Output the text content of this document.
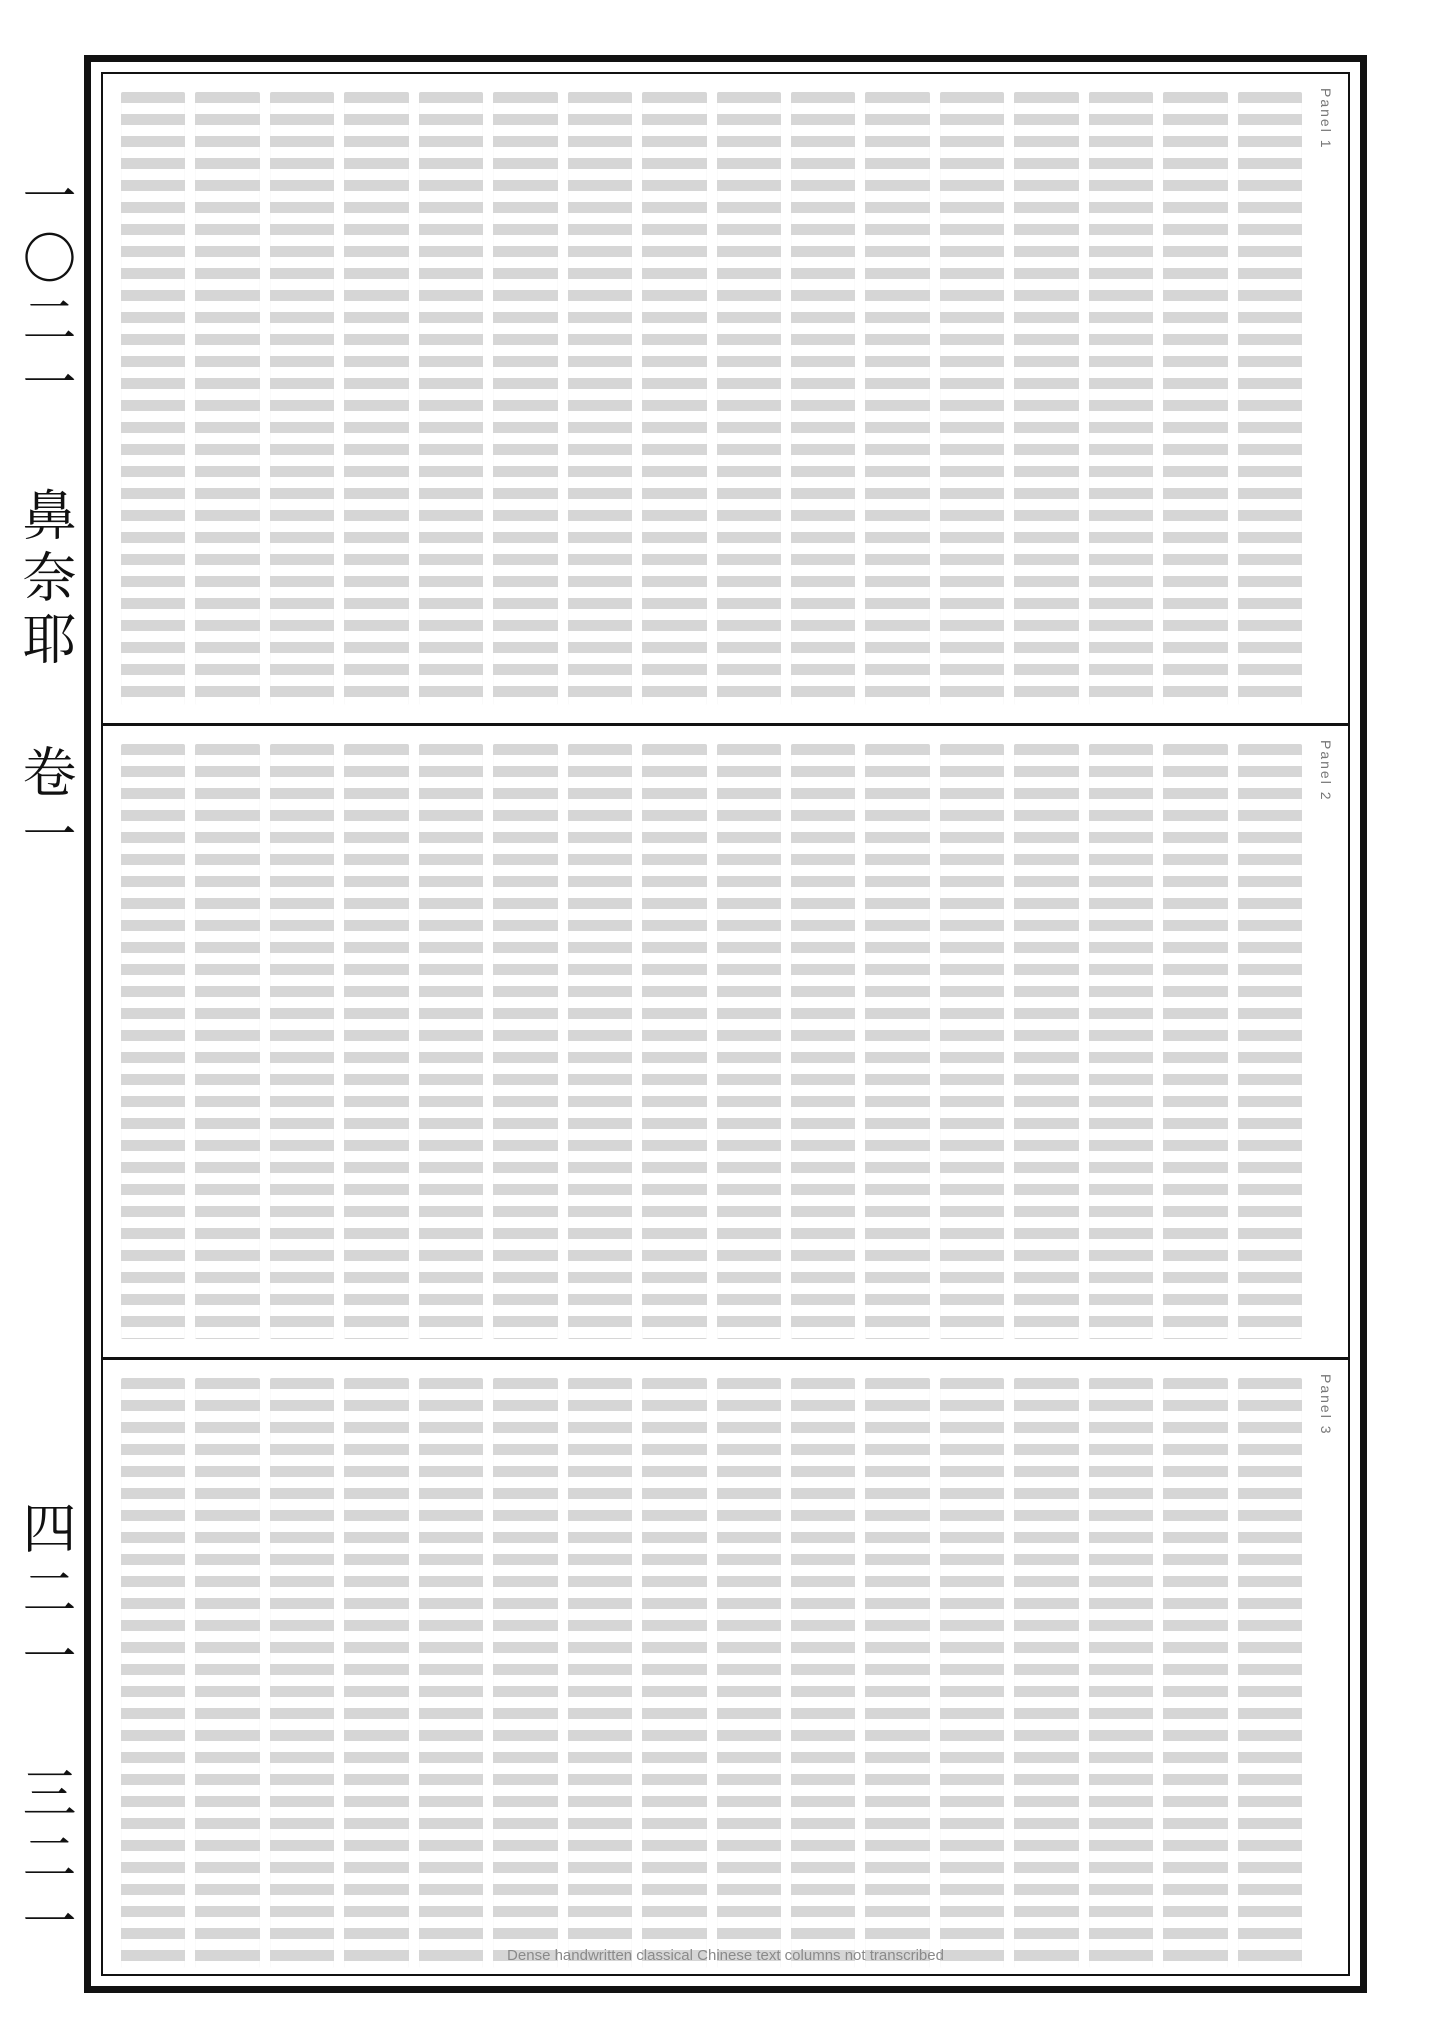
一〇二一 鼻奈耶 卷一
四二一 三二一
Panel 1
Panel 2
Panel 3
Dense handwritten classical Chinese text columns not transcribed
